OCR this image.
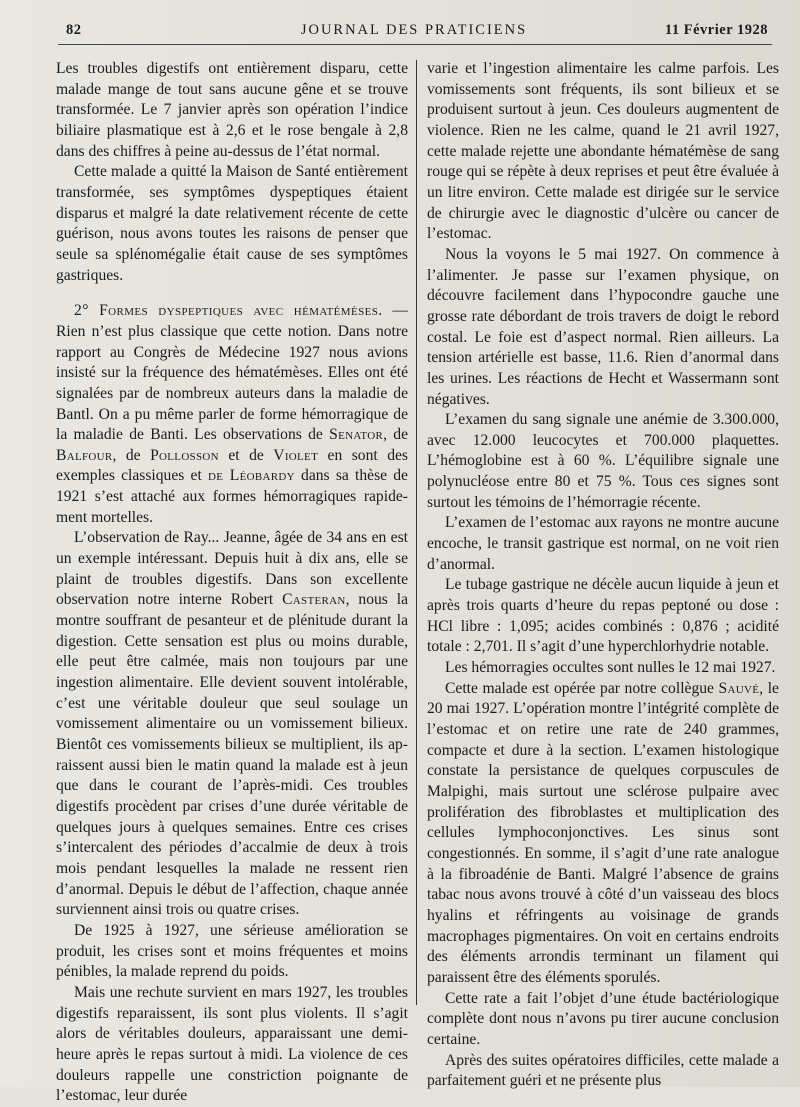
82	JOURNAL DES PRATICIENS	11 Février 1928

Les troubles digestifs ont entièrement disparu, cette malade mange de tout sans aucune gêne et se trouve transformée. Le 7 janvier après son opération l’indice biliaire plasmatique est à 2,6 et le rose bengale à 2,8 dans des chiffres à peine au-dessus de l’état normal.

Cette malade a quitté la Maison de Santé entièrement transformée, ses symptômes dyspeptiques étaient disparus et malgré la date relativement récente de cette guérison, nous avons toutes les raisons de penser que seule sa splénomégalie était cause de ses symptômes gastriques.

2° Formes dyspeptiques avec hématémèses. — Rien n’est plus classique que cette notion. Dans notre rapport au Congrès de Médecine 1927 nous avions insisté sur la fréquence des hématémèses. Elles ont été signalées par de nombreux auteurs dans la maladie de Bantl. On a pu même parler de forme hémorragique de la maladie de Banti. Les observations de Senator, de Balfour, de Pollosson et de Violet en sont des exemples classiques et de Léobardy dans sa thèse de 1921 s’est attaché aux formes hémorragiques rapidement mortelles.

L’observation de Ray... Jeanne, âgée de 34 ans en est un exemple intéressant. Depuis huit à dix ans, elle se plaint de troubles digestifs. Dans son excellente observation notre interne Robert Casteran, nous la montre souffrant de pesanteur et de plénitude durant la digestion. Cette sensation est plus ou moins durable, elle peut être calmée, mais non toujours par une ingestion alimentaire. Elle devient souvent intolérable, c’est une véritable douleur que seul soulage un vomissement alimentaire ou un vomissement bilieux. Bientôt ces vomissements bilieux se multiplient, ils apraissent aussi bien le matin quand la malade est à jeun que dans le courant de l’après-midi. Ces troubles digestifs procèdent par crises d’une durée véritable de quelques jours à quelques semaines. Entre ces crises s’intercalent des périodes d’accalmie de deux à trois mois pendant lesquelles la malade ne ressent rien d’anormal. Depuis le début de l’affection, chaque année surviennent ainsi trois ou quatre crises.

De 1925 à 1927, une sérieuse amélioration se produit, les crises sont et moins fréquentes et moins pénibles, la malade reprend du poids.

Mais une rechute survient en mars 1927, les troubles digestifs reparaissent, ils sont plus violents. Il s’agit alors de véritables douleurs, apparaissant une demi-heure après le repas surtout à midi. La violence de ces douleurs rappelle une constriction poignante de l’estomac, leur durée

varie et l’ingestion alimentaire les calme parfois. Les vomissements sont fréquents, ils sont bilieux et se produisent surtout à jeun. Ces douleurs augmentent de violence. Rien ne les calme, quand le 21 avril 1927, cette malade rejette une abondante hématémèse de sang rouge qui se répète à deux reprises et peut être évaluée à un litre environ. Cette malade est dirigée sur le service de chirurgie avec le diagnostic d’ulcère ou cancer de l’estomac.

Nous la voyons le 5 mai 1927. On commence à l’alimenter. Je passe sur l’examen physique, on découvre facilement dans l’hypocondre gauche une grosse rate débordant de trois travers de doigt le rebord costal. Le foie est d’aspect normal. Rien ailleurs. La tension artérielle est basse, 11.6. Rien d’anormal dans les urines. Les réactions de Hecht et Wassermann sont négatives.

L’examen du sang signale une anémie de 3.300.000, avec 12.000 leucocytes et 700.000 plaquettes. L’hémoglobine est à 60 %. L’équilibre signale une polynucléose entre 80 et 75 %. Tous ces signes sont surtout les témoins de l’hémorragie récente.

L’examen de l’estomac aux rayons ne montre aucune encoche, le transit gastrique est normal, on ne voit rien d’anormal.

Le tubage gastrique ne décèle aucun liquide à jeun et après trois quarts d’heure du repas peptoné ou dose : HCl libre : 1,095; acides combinés : 0,876 ; acidité totale : 2,701. Il s’agit d’une hyperchlorhydrie notable.

Les hémorragies occultes sont nulles le 12 mai 1927.

Cette malade est opérée par notre collègue Sauvé, le 20 mai 1927. L’opération montre l’intégrité complète de l’estomac et on retire une rate de 240 grammes, compacte et dure à la section. L’examen histologique constate la persistance de quelques corpuscules de Malpighi, mais surtout une sclérose pulpaire avec prolifération des fibroblastes et multiplication des cellules lymphoconjonctives. Les sinus sont congestionnés. En somme, il s’agit d’une rate analogue à la fibroadénie de Banti. Malgré l’absence de grains tabac nous avons trouvé à côté d’un vaisseau des blocs hyalins et réfringents au voisinage de grands macrophages pigmentaires. On voit en certains endroits des éléments arrondis terminant un filament qui paraissent être des éléments sporulés.

Cette rate a fait l’objet d’une étude bactériologique complète dont nous n’avons pu tirer aucune conclusion certaine.

Après des suites opératoires difficiles, cette malade a parfaitement guéri et ne présente plus
